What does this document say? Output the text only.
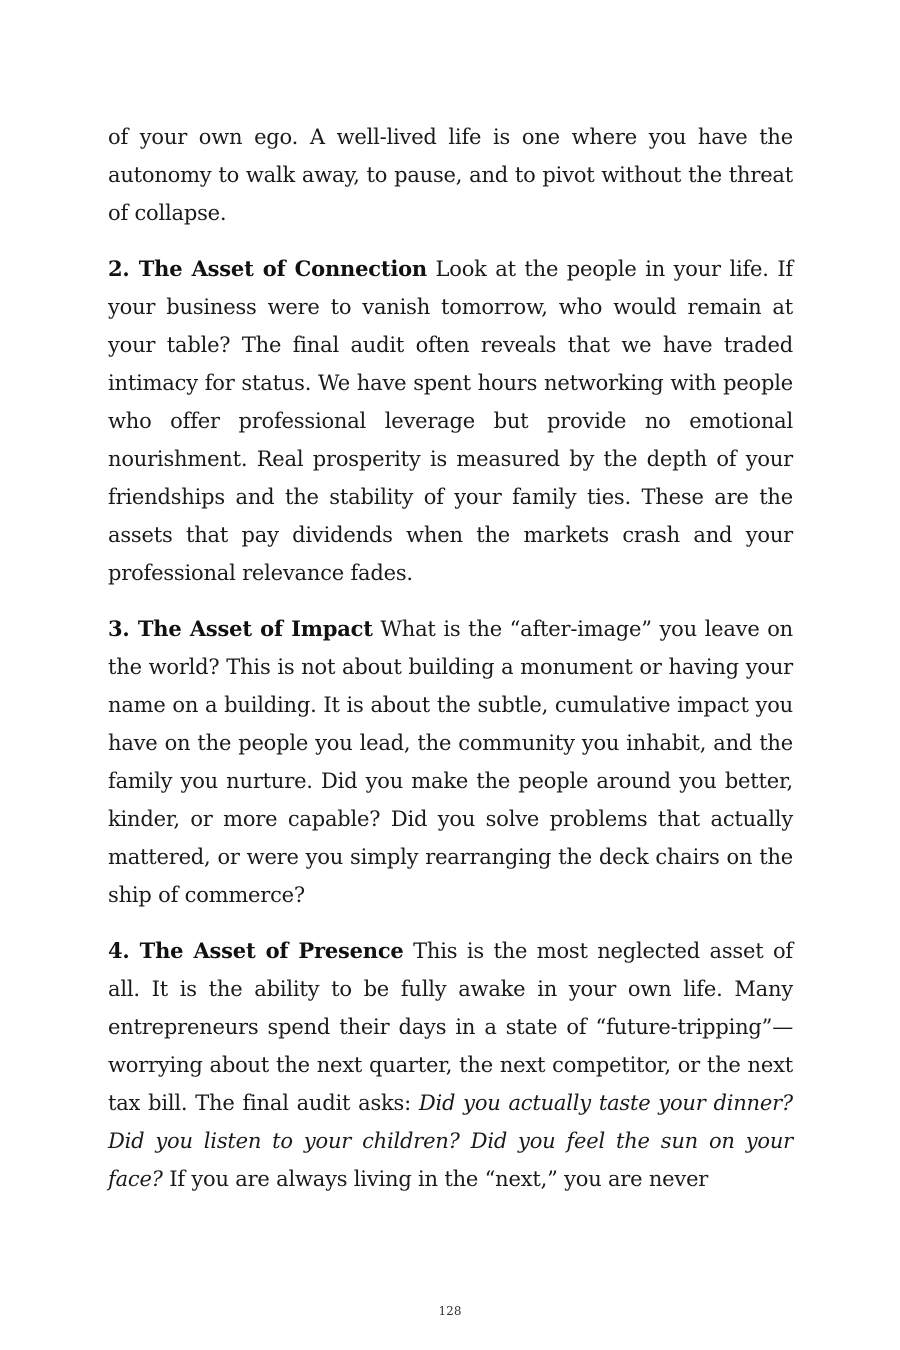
of your own ego. A well-lived life is one where you have the autonomy to walk away, to pause, and to pivot without the threat of collapse.

2. The Asset of Connection Look at the people in your life. If your business were to vanish tomorrow, who would remain at your table? The final audit often reveals that we have traded intimacy for status. We have spent hours networking with people who offer professional leverage but provide no emotional nourishment. Real prosperity is measured by the depth of your friendships and the stability of your family ties. These are the assets that pay dividends when the markets crash and your professional relevance fades.

3. The Asset of Impact What is the “after-image” you leave on the world? This is not about building a monument or having your name on a building. It is about the subtle, cumulative impact you have on the people you lead, the community you inhabit, and the family you nurture. Did you make the people around you better, kinder, or more capable? Did you solve problems that actually mattered, or were you simply rearranging the deck chairs on the ship of commerce?

4. The Asset of Presence This is the most neglected asset of all. It is the ability to be fully awake in your own life. Many entrepreneurs spend their days in a state of “future-tripping”—worrying about the next quarter, the next competitor, or the next tax bill. The final audit asks: Did you actually taste your dinner? Did you listen to your children? Did you feel the sun on your face? If you are always living in the “next,” you are never

128
